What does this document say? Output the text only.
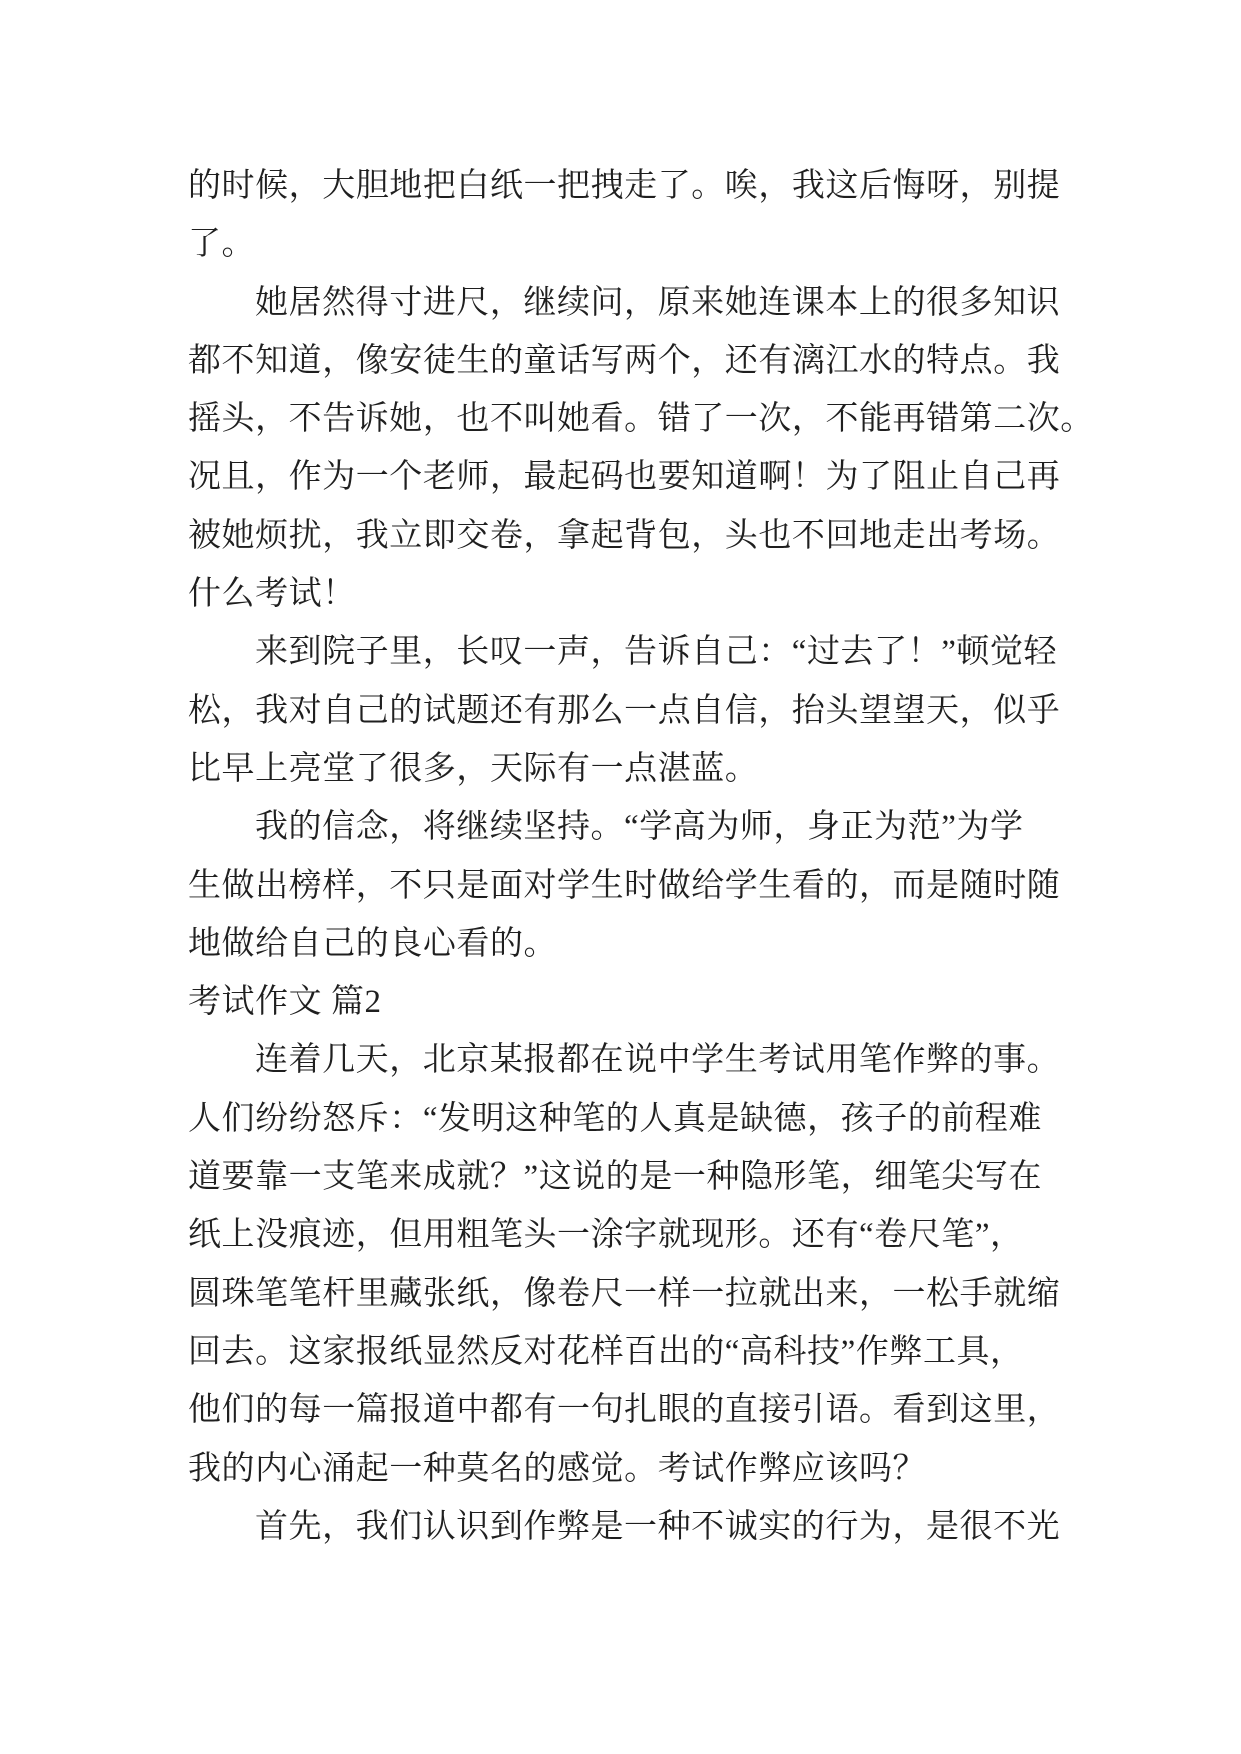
的时候，大胆地把白纸一把拽走了。唉，我这后悔呀，别提
了。
她居然得寸进尺，继续问，原来她连课本上的很多知识
都不知道，像安徒生的童话写两个，还有漓江水的特点。我
摇头，不告诉她，也不叫她看。错了一次，不能再错第二次。
况且，作为一个老师，最起码也要知道啊！为了阻止自己再
被她烦扰，我立即交卷，拿起背包，头也不回地走出考场。
什么考试！
来到院子里，长叹一声，告诉自己：“过去了！”顿觉轻
松，我对自己的试题还有那么一点自信，抬头望望天，似乎
比早上亮堂了很多，天际有一点湛蓝。
我的信念，将继续坚持。“学高为师，身正为范”为学
生做出榜样，不只是面对学生时做给学生看的，而是随时随
地做给自己的良心看的。
考试作文 篇2
连着几天，北京某报都在说中学生考试用笔作弊的事。
人们纷纷怒斥：“发明这种笔的人真是缺德，孩子的前程难
道要靠一支笔来成就？”这说的是一种隐形笔，细笔尖写在
纸上没痕迹，但用粗笔头一涂字就现形。还有“卷尺笔”，
圆珠笔笔杆里藏张纸，像卷尺一样一拉就出来，一松手就缩
回去。这家报纸显然反对花样百出的“高科技”作弊工具，
他们的每一篇报道中都有一句扎眼的直接引语。看到这里，
我的内心涌起一种莫名的感觉。考试作弊应该吗？
首先，我们认识到作弊是一种不诚实的行为，是很不光
